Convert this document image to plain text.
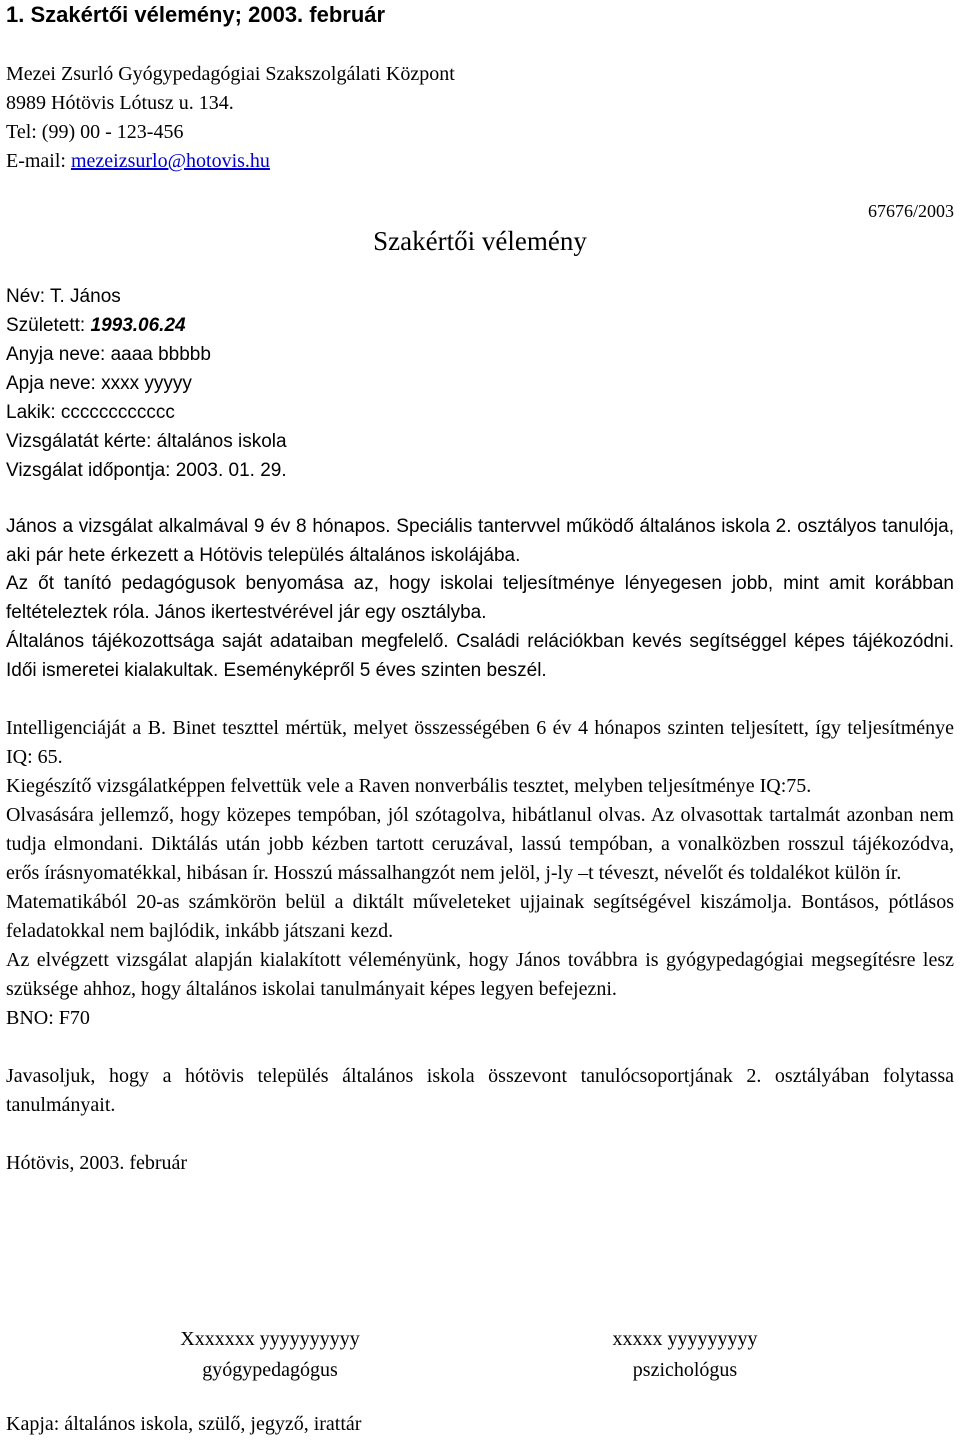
1. Szakértői vélemény; 2003. február
Mezei Zsurló Gyógypedagógiai Szakszolgálati Központ
8989 Hótövis Lótusz u. 134.
Tel: (99) 00 - 123-456
E-mail: mezeizsurlo@hotovis.hu
67676/2003
Szakértői vélemény
Név: T. János
Született: 1993.06.24
Anyja neve: aaaa bbbbb
Apja neve: xxxx yyyyy
Lakik: cccccccccccc
Vizsgálatát kérte: általános iskola
Vizsgálat időpontja: 2003. 01. 29.

János a vizsgálat alkalmával 9 év 8 hónapos. Speciális tantervvel működő általános iskola 2. osztályos tanulója, aki pár hete érkezett a Hótövis település általános iskolájába.

Az őt tanító pedagógusok benyomása az, hogy iskolai teljesítménye lényegesen jobb, mint amit korábban feltételeztek róla. János ikertestvérével jár egy osztályba.

Általános tájékozottsága saját adataiban megfelelő. Családi relációkban kevés segítséggel képes tájékozódni. Idői ismeretei kialakultak. Eseményképről 5 éves szinten beszél.

Intelligenciáját a B. Binet teszttel mértük, melyet összességében 6 év 4 hónapos szinten teljesített, így teljesítménye IQ: 65.

Kiegészítő vizsgálatképpen felvettük vele a Raven nonverbális tesztet, melyben teljesítménye IQ:75.

Olvasására jellemző, hogy közepes tempóban, jól szótagolva, hibátlanul olvas. Az olvasottak tartalmát azonban nem tudja elmondani. Diktálás után jobb kézben tartott ceruzával, lassú tempóban, a vonalközben rosszul tájékozódva, erős írásnyomatékkal, hibásan ír. Hosszú mássalhangzót nem jelöl, j-ly –t téveszt, névelőt és toldalékot külön ír.

Matematikából 20-as számkörön belül a diktált műveleteket ujjainak segítségével kiszámolja. Bontásos, pótlásos feladatokkal nem bajlódik, inkább játszani kezd.

Az elvégzett vizsgálat alapján kialakított véleményünk, hogy János továbbra is gyógypedagógiai megsegítésre lesz szüksége ahhoz, hogy általános iskolai tanulmányait képes legyen befejezni.

BNO: F70

Javasoljuk, hogy a hótövis település általános iskola összevont tanulócsoportjának 2. osztályában folytassa tanulmányait.

Hótövis, 2003. február

Xxxxxxx yyyyyyyyyy
gyógypedagógus
xxxxx yyyyyyyyy
pszichológus
Kapja: általános iskola, szülő, jegyző, irattár
